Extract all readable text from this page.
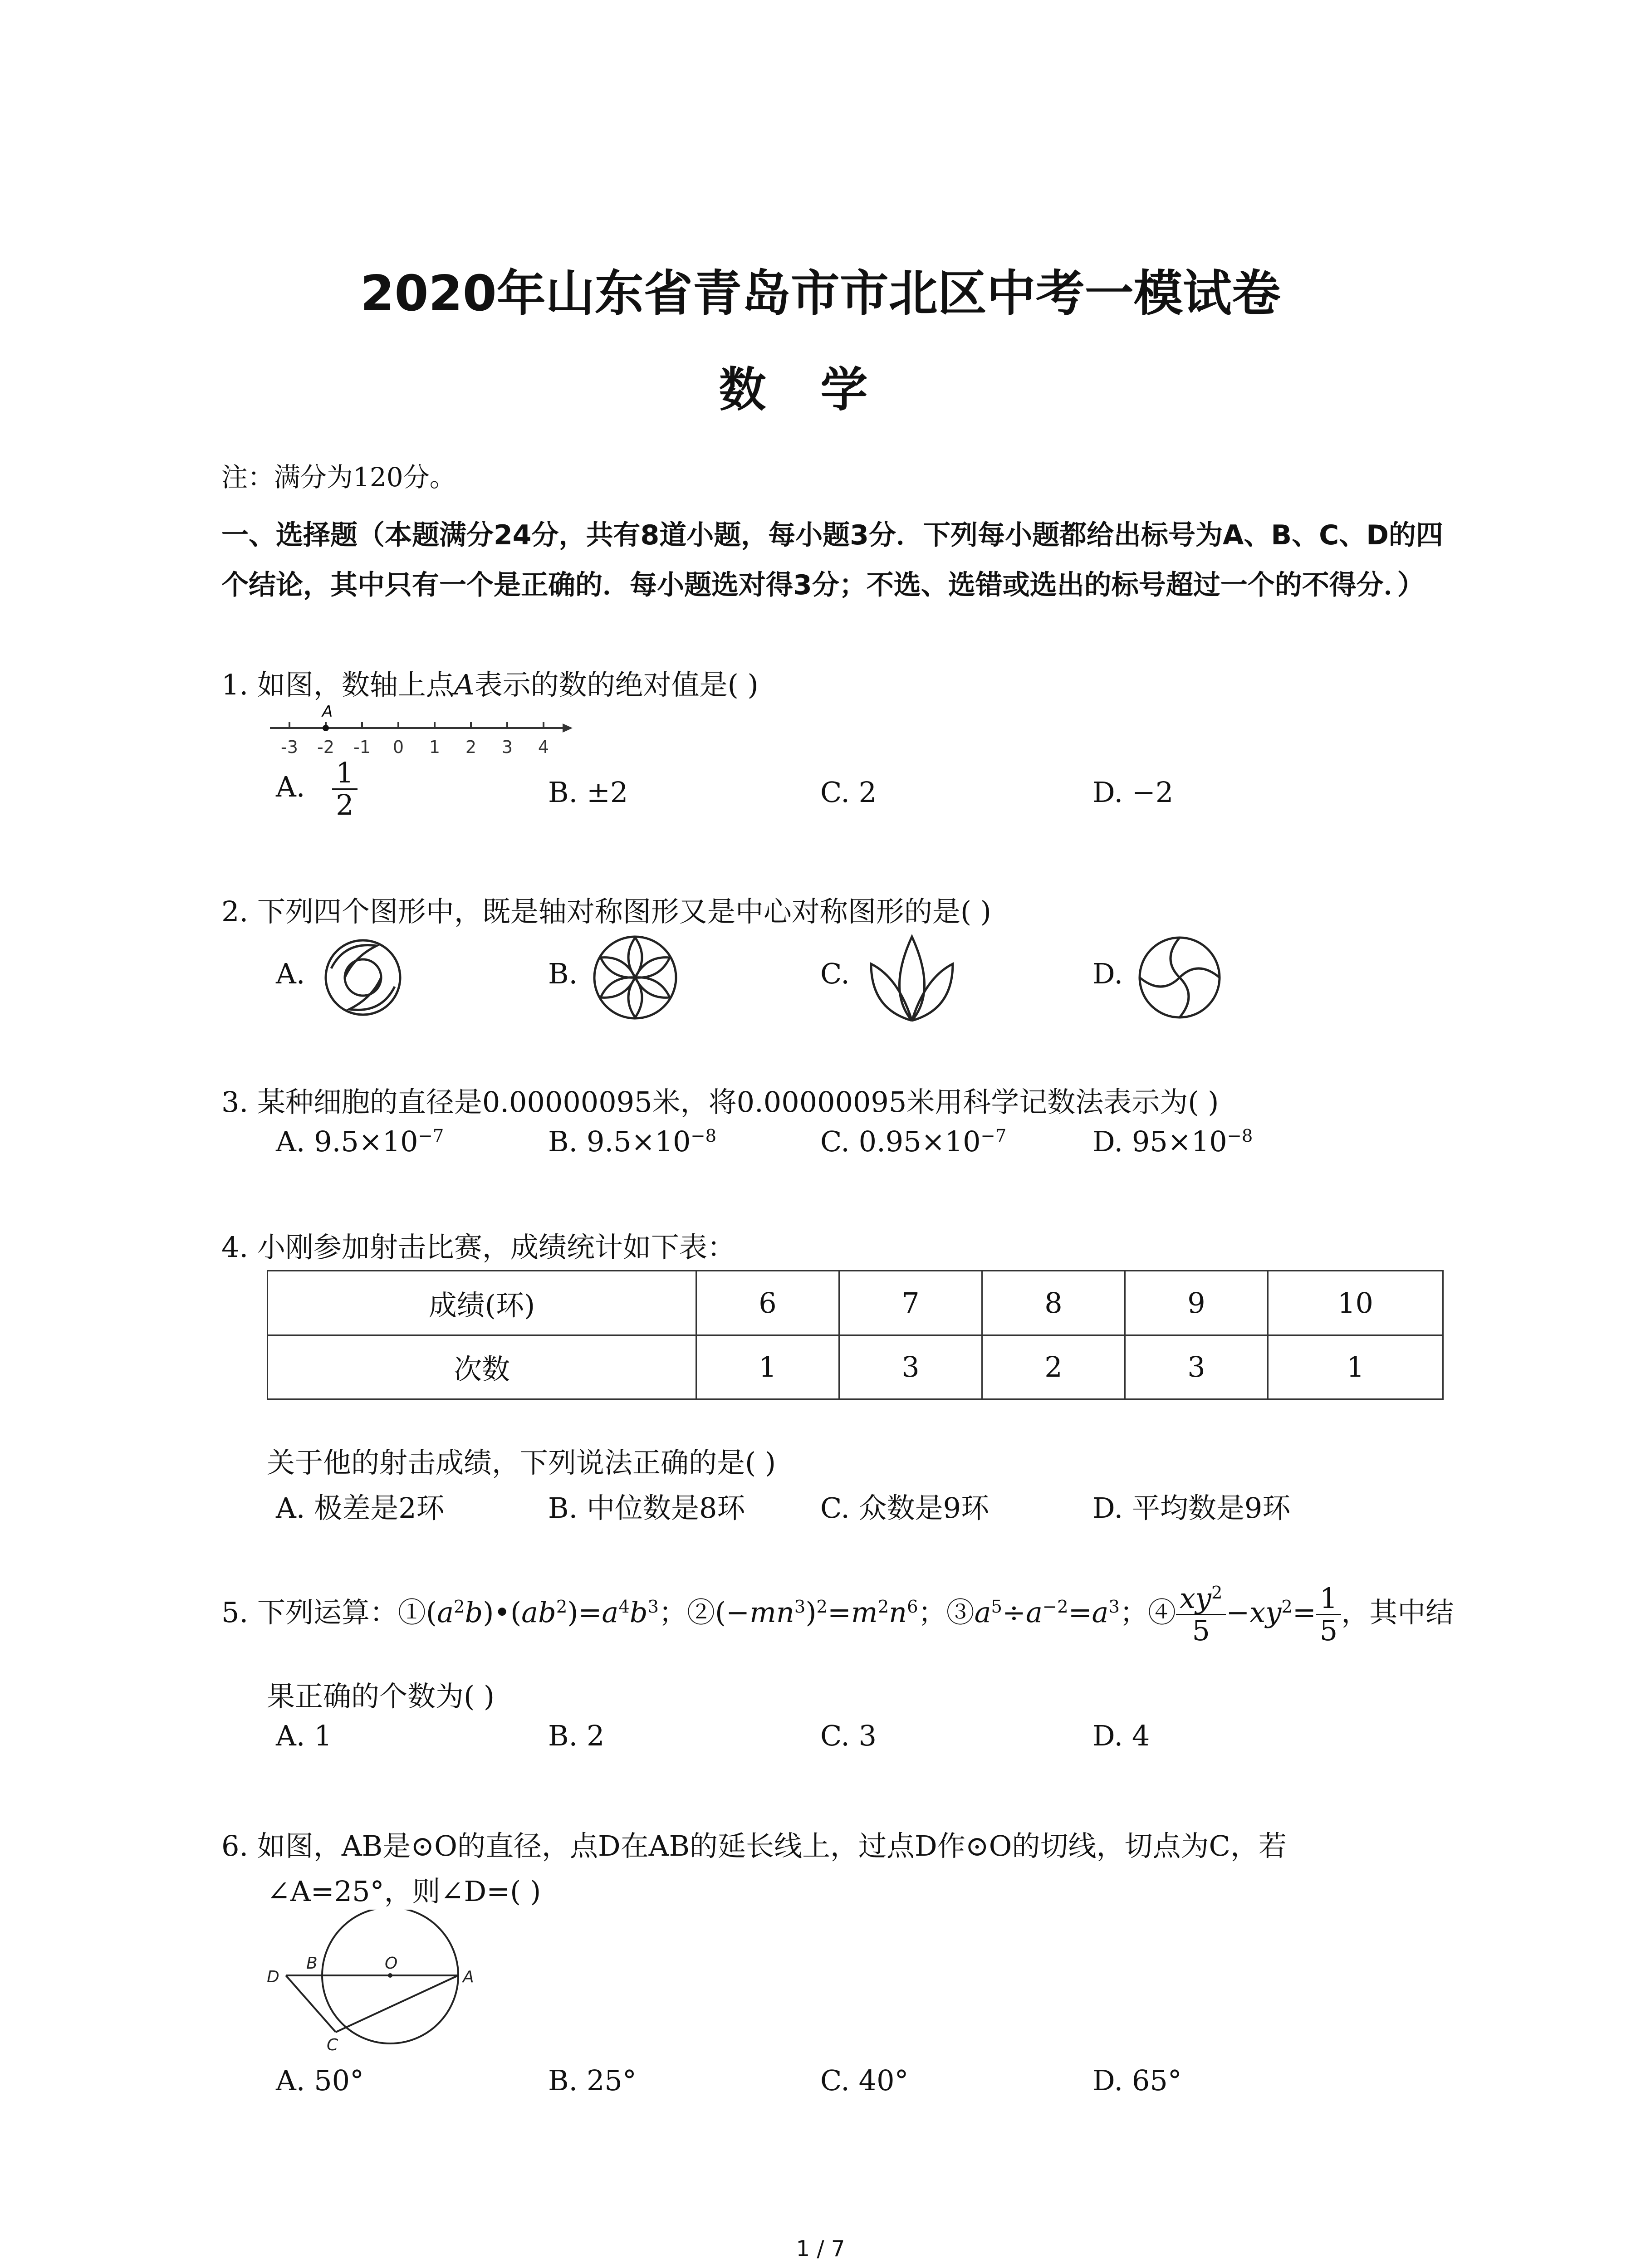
2020年山东省青岛市市北区中考一模试卷
数学
注：满分为120分。
一、选择题（本题满分24分，共有8道小题，每小题3分．下列每小题都给出标号为A、B、C、D的四个结论，其中只有一个是正确的．每小题选对得3分；不选、选错或选出的标号超过一个的不得分．）
1. 如图，数轴上点A表示的数的绝对值是( )
A
-3 -2 -1 0 1 2 3 4
A. $\frac{1}{2}$	B. ±2	C. 2	D. −2
2. 下列四个图形中，既是轴对称图形又是中心对称图形的是( )
A.	B.	C.	D.
3. 某种细胞的直径是0.00000095米，将0.00000095米用科学记数法表示为( )
A. $9.5\times 10^{-7}$	B. $9.5\times 10^{-8}$	C. $0.95\times 10^{-7}$	D. $95\times 10^{-8}$
4. 小刚参加射击比赛，成绩统计如下表：
成绩(环)	6	7	8	9	10
次数	1	3	2	3	1
关于他的射击成绩，下列说法正确的是( )
A. 极差是2环	B. 中位数是8环	C. 众数是9环	D. 平均数是9环
5. 下列运算：$①(a^2b)•(ab^2)=a^4b^3$；$②(-mn^3)^2=m^2n^6$；$③a^5\div a^{-2}=a^3$；④ $\frac{xy^2}{5} -xy^2= \frac{1}{5}$ ，其中结
果正确的个数为( )
A. 1	B. 2	C. 3	D. 4
6. 如图，AB是⊙O的直径，点D在AB的延长线上，过点D作⊙O的切线，切点为C，若
∠A=25°，则∠D=( )
D
B	O
A
C
A. 50°	B. 25°	C. 40°	D. 65°
1 / 7
